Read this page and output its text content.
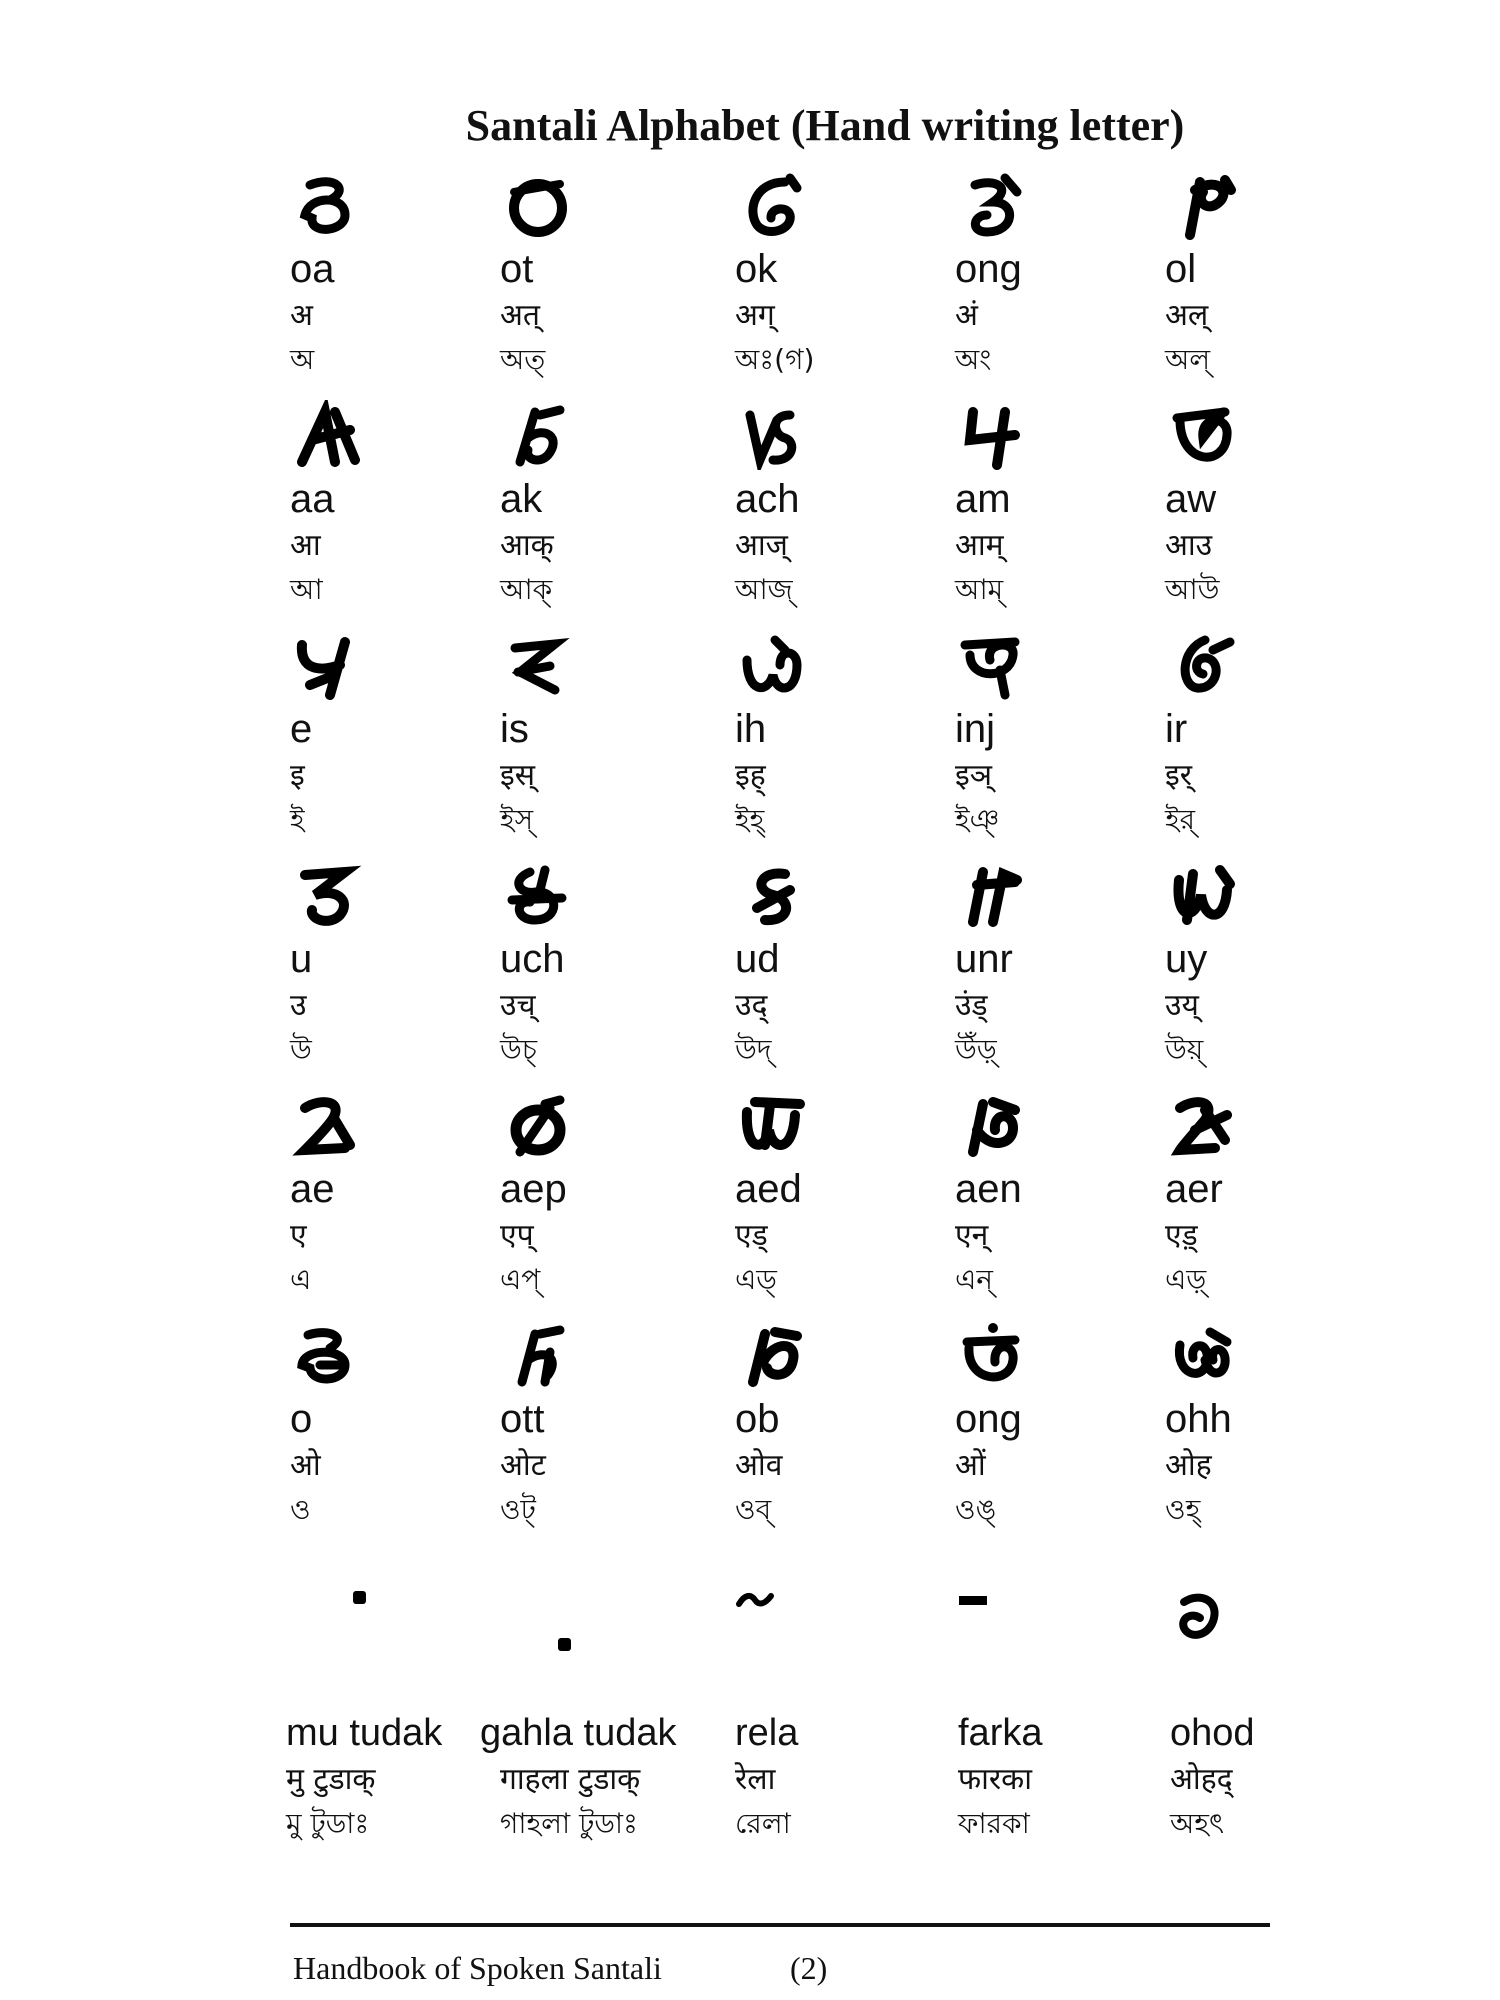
Santali Alphabet (Hand writing letter)
oa
अ
অ
ot
अत्
অত্
ok
अग्
অঃ(গ)
ong
अं
অং
ol
अल्
অল্
aa
आ
আ
ak
आक्
আক্
ach
आज्
আজ্
am
आम्
আম্
aw
आउ
আউ
e
इ
ই
is
इस्
ইস্
ih
इह्
ইহ্
inj
इञ्
ইঞ্
ir
इर्
ইর্
u
उ
উ
uch
उच्
উচ্
ud
उद्
উদ্
unr
उंड्
উঁড়্
uy
उय्
উয়্
ae
ए
এ
aep
एप्
এপ্
aed
एड्
এড্
aen
एन्
এন্
aer
एड़्
এড়্
o
ओ
ও
ott
ओट
ওট্
ob
ओव
ওব্
ong
ओं
ওঙ্
ohh
ओह
ওহ্
mu tudak
मु टुडाक्
মু টুডাঃ
gahla tudak
गाहला टुडाक्
গাহলা টুডাঃ
rela
रेला
রেলা
farka
फारका
ফারকা
ohod
ओहद्
অহৎ
Handbook of Spoken Santali	(2)
